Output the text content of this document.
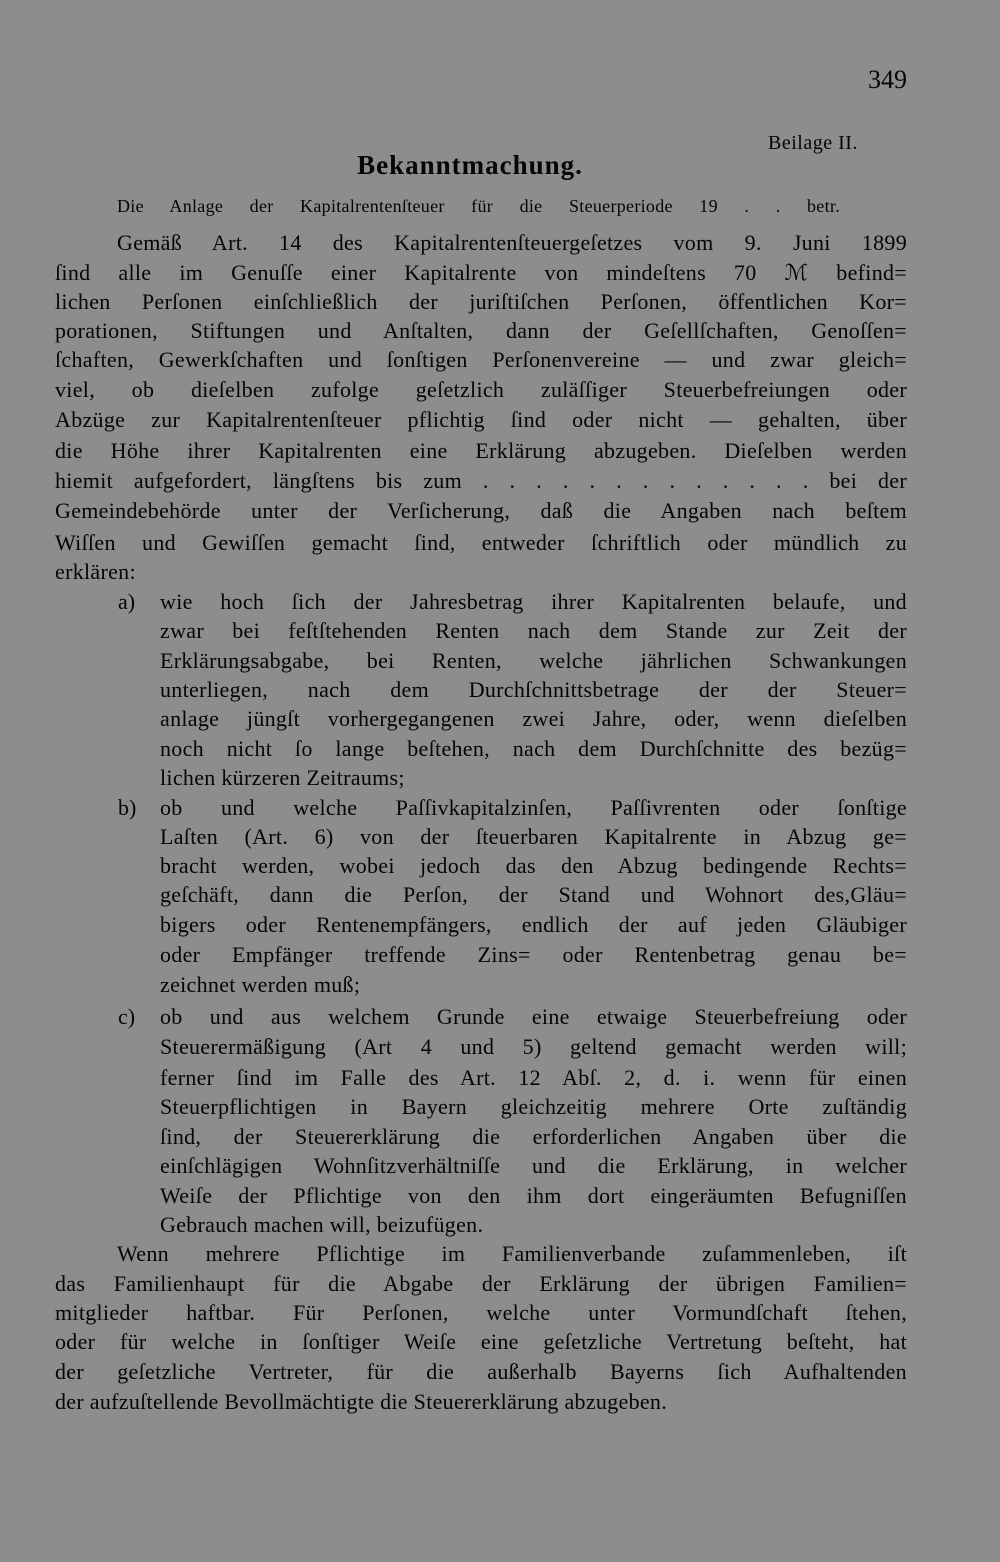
349
Beilage II.
Bekanntmachung.
Die Anlage der Kapitalrentenſteuer für die Steuerperiode 19 . . betr.
Gemäß Art. 14 des Kapitalrentenſteuergeſetzes vom 9. Juni 1899
ſind alle im Genuſſe einer Kapitalrente von mindeſtens 70 ℳ befind=
lichen Perſonen einſchließlich der juriſtiſchen Perſonen, öffentlichen Kor=
porationen, Stiftungen und Anſtalten, dann der Geſellſchaften, Genoſſen=
ſchaften, Gewerkſchaften und ſonſtigen Perſonenvereine — und zwar gleich=
viel, ob dieſelben zufolge geſetzlich zuläſſiger Steuerbefreiungen oder
Abzüge zur Kapitalrentenſteuer pflichtig ſind oder nicht — gehalten, über
die Höhe ihrer Kapitalrenten eine Erklärung abzugeben. Dieſelben werden
hiemit aufgefordert, längſtens bis zum . . . . . . . . . . . . . bei der
Gemeindebehörde unter der Verſicherung, daß die Angaben nach beſtem
Wiſſen und Gewiſſen gemacht ſind, entweder ſchriftlich oder mündlich zu
erklären:
a)	wie hoch ſich der Jahresbetrag ihrer Kapitalrenten belaufe, und
zwar bei feſtſtehenden Renten nach dem Stande zur Zeit der
Erklärungsabgabe, bei Renten, welche jährlichen Schwankungen
unterliegen, nach dem Durchſchnittsbetrage der der Steuer=
anlage jüngſt vorhergegangenen zwei Jahre, oder, wenn dieſelben
noch nicht ſo lange beſtehen, nach dem Durchſchnitte des bezüg=
lichen kürzeren Zeitraums;
b)	ob und welche Paſſivkapitalzinſen, Paſſivrenten oder ſonſtige
Laſten (Art. 6) von der ſteuerbaren Kapitalrente in Abzug ge=
bracht werden, wobei jedoch das den Abzug bedingende Rechts=
geſchäft, dann die Perſon, der Stand und Wohnort des,Gläu=
bigers oder Rentenempfängers, endlich der auf jeden Gläubiger
oder Empfänger treffende Zins= oder Rentenbetrag genau be=
zeichnet werden muß;
c)	ob und aus welchem Grunde eine etwaige Steuerbefreiung oder
Steuerermäßigung (Art 4 und 5) geltend gemacht werden will;
ferner ſind im Falle des Art. 12 Abſ. 2, d. i. wenn für einen
Steuerpflichtigen in Bayern gleichzeitig mehrere Orte zuſtändig
ſind, der Steuererklärung die erforderlichen Angaben über die
einſchlägigen Wohnſitzverhältniſſe und die Erklärung, in welcher
Weiſe der Pflichtige von den ihm dort eingeräumten Befugniſſen
Gebrauch machen will, beizufügen.
Wenn mehrere Pflichtige im Familienverbande zuſammenleben, iſt
das Familienhaupt für die Abgabe der Erklärung der übrigen Familien=
mitglieder haftbar. Für Perſonen, welche unter Vormundſchaft ſtehen,
oder für welche in ſonſtiger Weiſe eine geſetzliche Vertretung beſteht, hat
der geſetzliche Vertreter, für die außerhalb Bayerns ſich Aufhaltenden
der aufzuſtellende Bevollmächtigte die Steuererklärung abzugeben.
